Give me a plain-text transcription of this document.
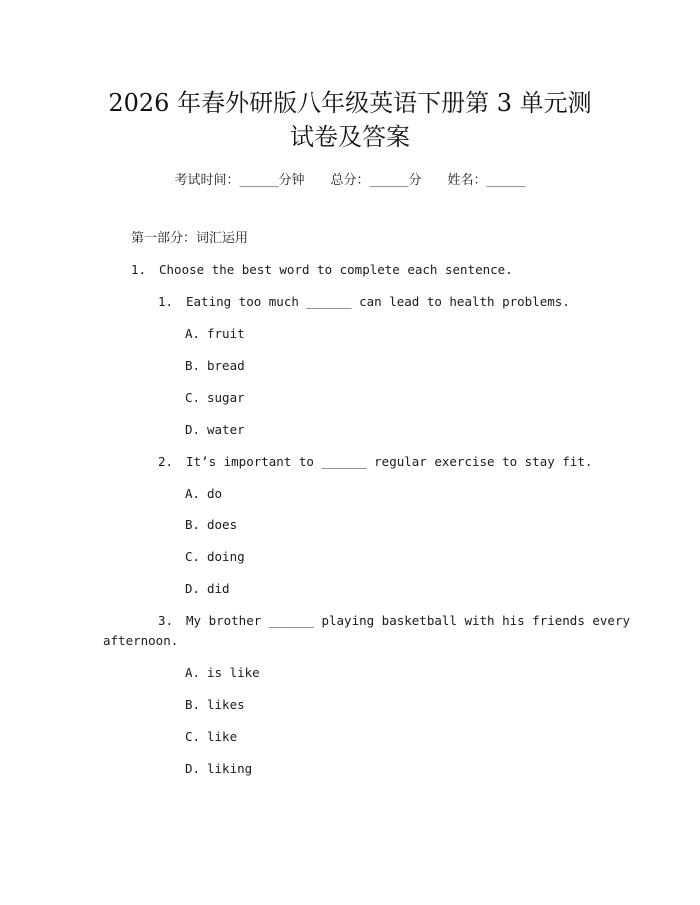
2026 年春外研版八年级英语下册第 3 单元测
试卷及答案
考试时间：______分钟 总分：______分 姓名：______
第一部分：词汇运用
1. Choose the best word to complete each sentence.
1. Eating too much ______ can lead to health problems.
A. fruit
B. bread
C. sugar
D. water
2. It’s important to ______ regular exercise to stay fit.
A. do
B. does
C. doing
D. did
3. My brother ______ playing basketball with his friends every
afternoon.
A. is like
B. likes
C. like
D. liking
